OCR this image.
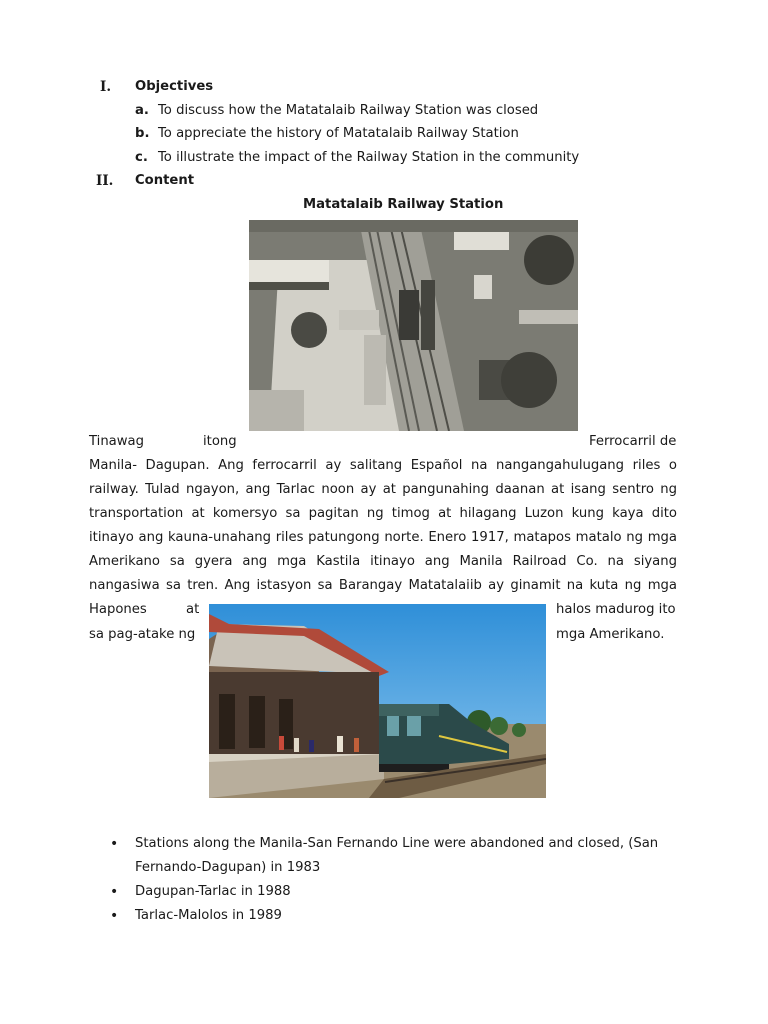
I. Objectives
a. To discuss how the Matatalaib Railway Station was closed
b. To appreciate the history of Matatalaib Railway Station
c. To illustrate the impact of the Railway Station in the community
II. Content
Matatalaib Railway Station
Tinawag	itong	Ferrocarril de
Manila- Dagupan. Ang ferrocarril ay salitang Español na nangangahulugang riles o
railway. Tulad ngayon, ang Tarlac noon ay at pangunahing daanan at isang sentro ng
transportation at komersyo sa pagitan ng timog at hilagang Luzon kung kaya dito
itinayo ang kauna-unahang riles patungong norte. Enero 1917, matapos matalo ng mga
Amerikano sa gyera ang mga Kastila itinayo ang Manila Railroad Co. na siyang
nangasiwa sa tren. Ang istasyon sa Barangay Matatalaiib ay ginamit na kuta ng mga
Hapones	at
sa pag-atake ng
halos madurog ito
mga Amerikano.
• Stations along the Manila-San Fernando Line were abandoned and closed, (San Fernando-Dagupan) in 1983
• Dagupan-Tarlac in 1988
• Tarlac-Malolos in 1989
